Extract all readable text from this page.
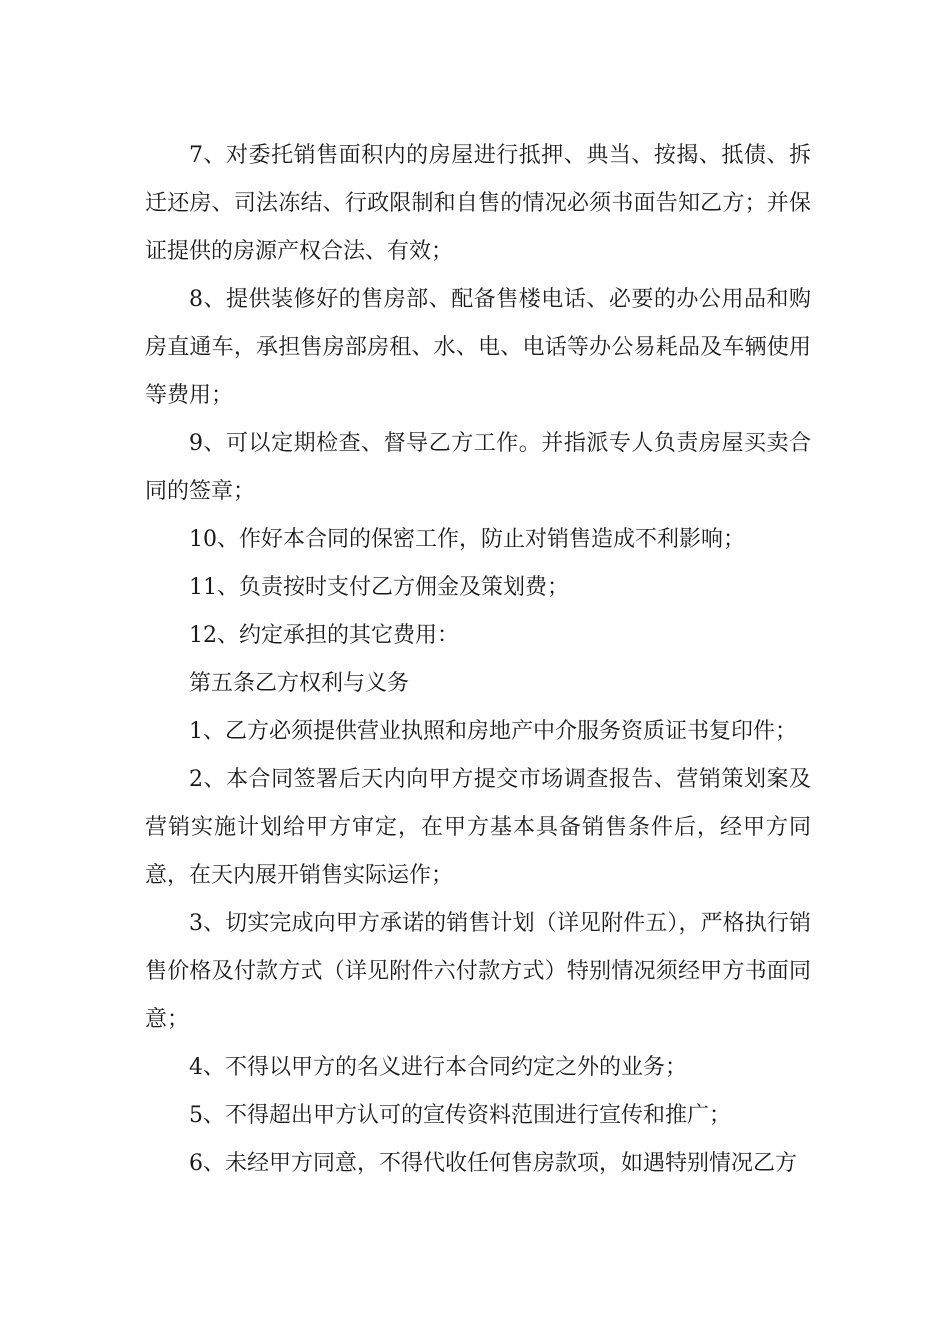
7、对委托销售面积内的房屋进行抵押、典当、按揭、抵债、拆迁还房、司法冻结、行政限制和自售的情况必须书面告知乙方；并保证提供的房源产权合法、有效；

8、提供装修好的售房部、配备售楼电话、必要的办公用品和购房直通车，承担售房部房租、水、电、电话等办公易耗品及车辆使用等费用；

9、可以定期检查、督导乙方工作。并指派专人负责房屋买卖合同的签章；

10、作好本合同的保密工作，防止对销售造成不利影响；

11、负责按时支付乙方佣金及策划费；

12、约定承担的其它费用：

第五条乙方权利与义务

1、乙方必须提供营业执照和房地产中介服务资质证书复印件；

2、本合同签署后天内向甲方提交市场调查报告、营销策划案及营销实施计划给甲方审定，在甲方基本具备销售条件后，经甲方同意，在天内展开销售实际运作；

3、切实完成向甲方承诺的销售计划（详见附件五），严格执行销售价格及付款方式（详见附件六付款方式）特别情况须经甲方书面同意；

4、不得以甲方的名义进行本合同约定之外的业务；

5、不得超出甲方认可的宣传资料范围进行宣传和推广；

6、未经甲方同意，不得代收任何售房款项，如遇特别情况乙方
